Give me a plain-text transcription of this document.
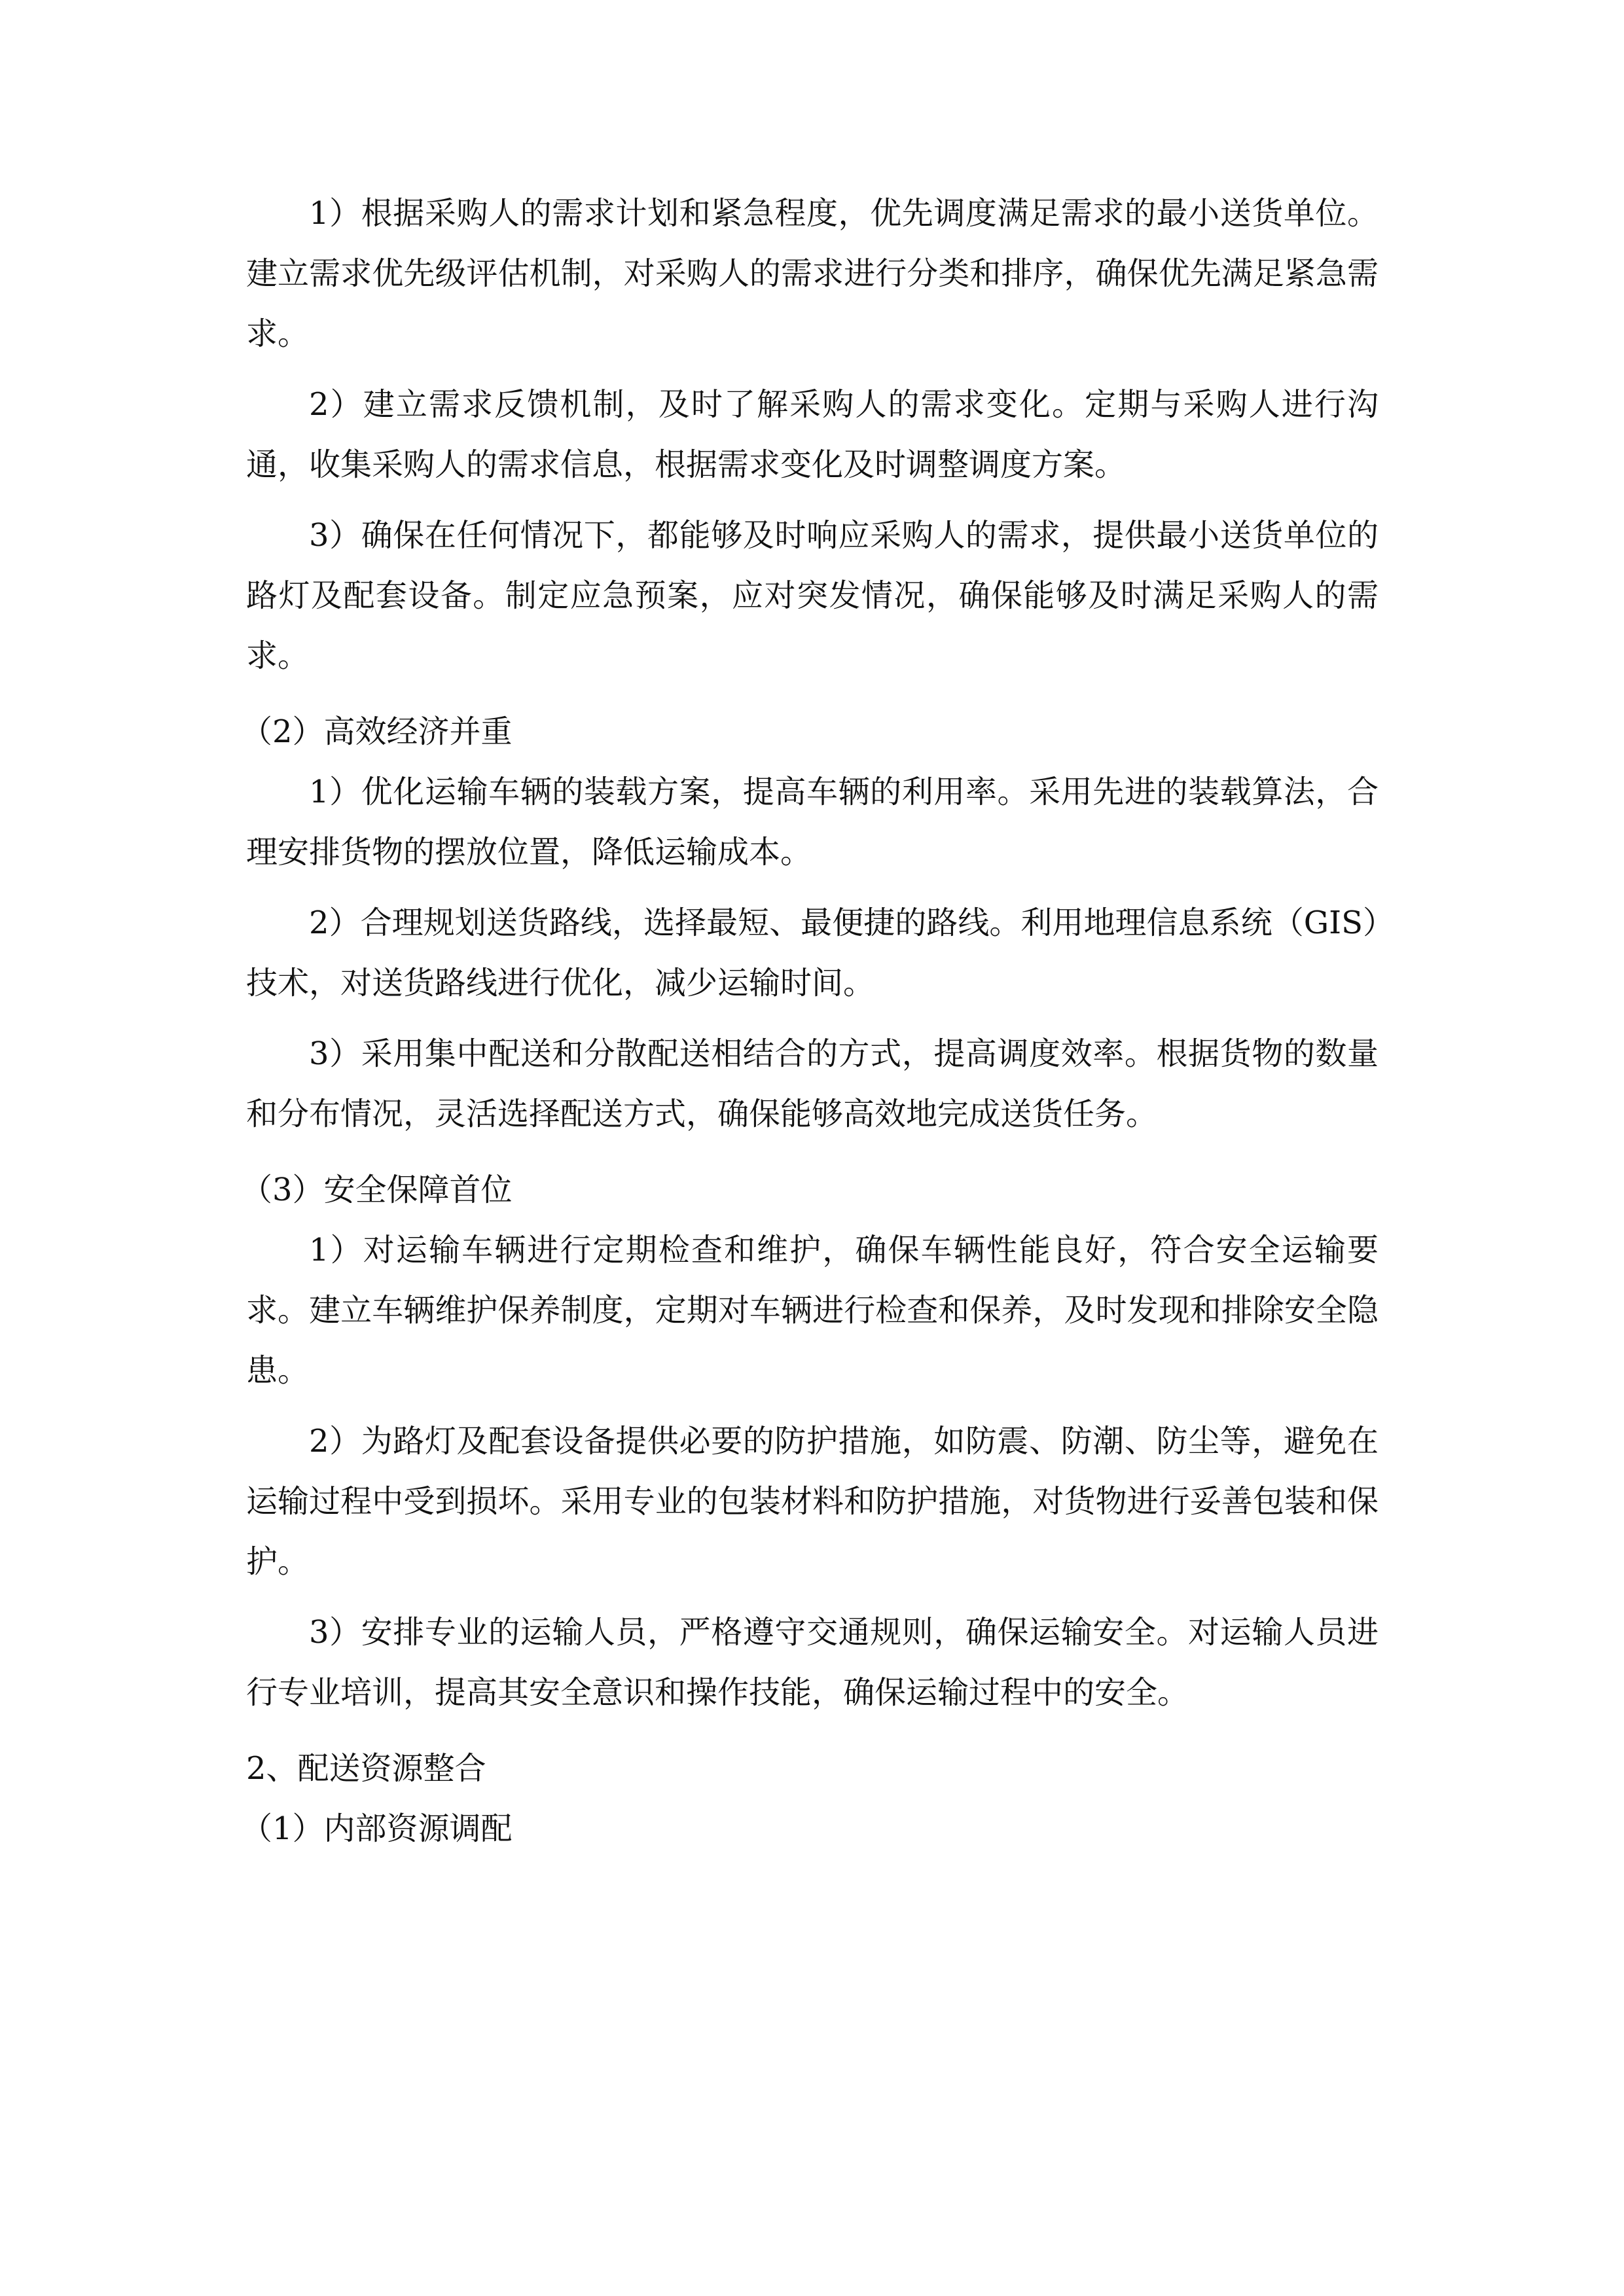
1）根据采购人的需求计划和紧急程度，优先调度满足需求的最小送货单位。建立需求优先级评估机制，对采购人的需求进行分类和排序，确保优先满足紧急需求。

2）建立需求反馈机制，及时了解采购人的需求变化。定期与采购人进行沟通，收集采购人的需求信息，根据需求变化及时调整调度方案。

3）确保在任何情况下，都能够及时响应采购人的需求，提供最小送货单位的路灯及配套设备。制定应急预案，应对突发情况，确保能够及时满足采购人的需求。

（2）高效经济并重

1）优化运输车辆的装载方案，提高车辆的利用率。采用先进的装载算法，合理安排货物的摆放位置，降低运输成本。

2）合理规划送货路线，选择最短、最便捷的路线。利用地理信息系统（GIS）技术，对送货路线进行优化，减少运输时间。

3）采用集中配送和分散配送相结合的方式，提高调度效率。根据货物的数量和分布情况，灵活选择配送方式，确保能够高效地完成送货任务。

（3）安全保障首位

1）对运输车辆进行定期检查和维护，确保车辆性能良好，符合安全运输要求。建立车辆维护保养制度，定期对车辆进行检查和保养，及时发现和排除安全隐患。

2）为路灯及配套设备提供必要的防护措施，如防震、防潮、防尘等，避免在运输过程中受到损坏。采用专业的包装材料和防护措施，对货物进行妥善包装和保护。

3）安排专业的运输人员，严格遵守交通规则，确保运输安全。对运输人员进行专业培训，提高其安全意识和操作技能，确保运输过程中的安全。

2、配送资源整合

（1）内部资源调配
